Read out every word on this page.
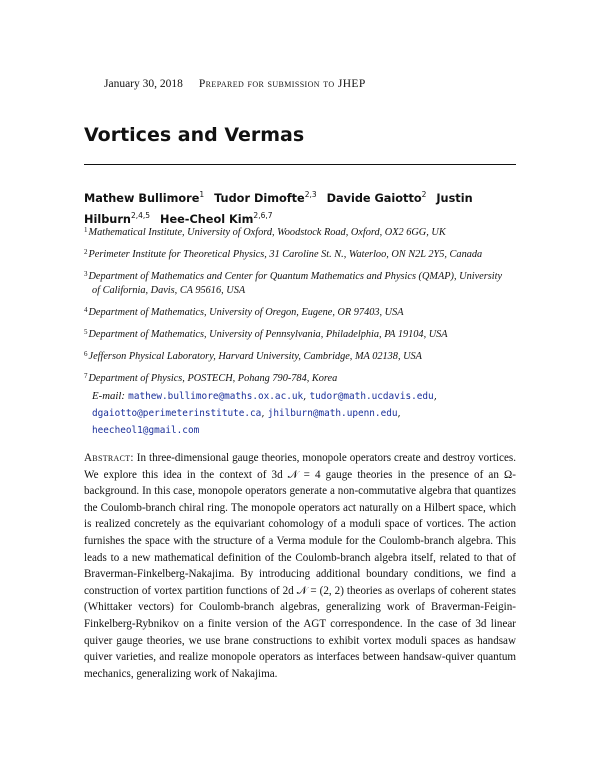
January 30, 2018 Prepared for submission to JHEP
Vortices and Vermas
Mathew Bullimore$^1$ Tudor Dimofte$^{2,3}$ Davide Gaiotto$^2$ Justin Hilburn$^{2,4,5}$ Hee-Cheol Kim$^{2,6,7}$

$^1$Mathematical Institute, University of Oxford, Woodstock Road, Oxford, OX2 6GG, UK

$^2$Perimeter Institute for Theoretical Physics, 31 Caroline St. N., Waterloo, ON N2L 2Y5, Canada

$^3$Department of Mathematics and Center for Quantum Mathematics and Physics (QMAP), University
of California, Davis, CA 95616, USA

$^4$Department of Mathematics, University of Oregon, Eugene, OR 97403, USA

$^5$Department of Mathematics, University of Pennsylvania, Philadelphia, PA 19104, USA

$^6$Jefferson Physical Laboratory, Harvard University, Cambridge, MA 02138, USA

$^7$Department of Physics, POSTECH, Pohang 790-784, Korea

E-mail: mathew.bullimore@maths.ox.ac.uk, tudor@math.ucdavis.edu,
dgaiotto@perimeterinstitute.ca, jhilburn@math.upenn.edu,
heecheol1@gmail.com

Abstract: In three-dimensional gauge theories, monopole operators create and destroy vortices. We explore this idea in the context of 3d 𝒩 = 4 gauge theories in the presence of an Ω-background. In this case, monopole operators generate a non-commutative algebra that quantizes the Coulomb-branch chiral ring. The monopole operators act naturally on a Hilbert space, which is realized concretely as the equivariant cohomology of a moduli space of vortices. The action furnishes the space with the structure of a Verma module for the Coulomb-branch algebra. This leads to a new mathematical definition of the Coulomb-branch algebra itself, related to that of Braverman-Finkelberg-Nakajima. By introducing additional boundary conditions, we find a construction of vortex partition functions of 2d 𝒩 = (2, 2) theories as overlaps of coherent states (Whittaker vectors) for Coulomb-branch algebras, generalizing work of Braverman-Feigin-Finkelberg-Rybnikov on a finite version of the AGT correspondence. In the case of 3d linear quiver gauge theories, we use brane constructions to exhibit vortex moduli spaces as handsaw quiver varieties, and realize monopole operators as interfaces between handsaw-quiver quantum mechanics, generalizing work of Nakajima.
